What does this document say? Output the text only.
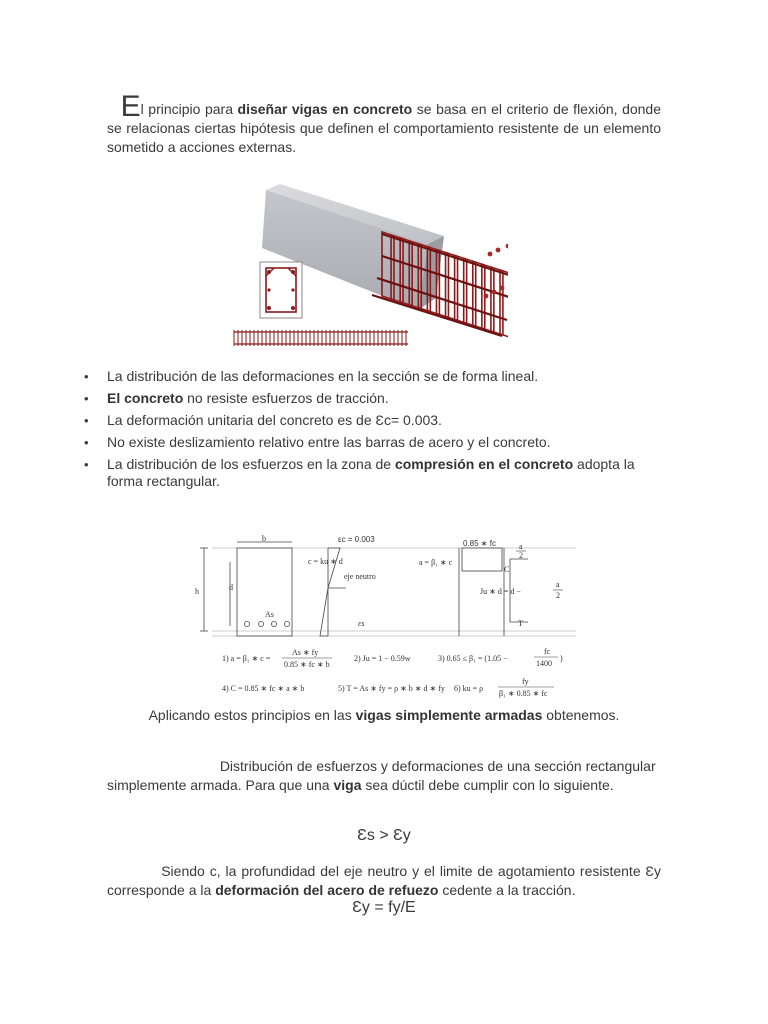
El principio para diseñar vigas en concreto se basa en el criterio de flexión, donde se relacionas ciertas hipótesis que definen el comportamiento resistente de un elemento sometido a acciones externas.
• La distribución de las deformaciones en la sección se de forma lineal.
• El concreto no resiste esfuerzos de tracción.
• La deformación unitaria del concreto es de Ɛc= 0.003.
• No existe deslizamiento relativo entre las barras de acero y el concreto.
• La distribución de los esfuerzos en la zona de compresión en el concreto adopta la forma rectangular.
b
h	d
As
εc = 0.003
c = ku ∗ d
eje neutro
εs
0.85 ∗ fc
a = β₁ ∗ c
a
2
C
Ju ∗ d = d −
a
2
T
1) a = β₁ ∗ c =
As ∗ fy
0.85 ∗ fc ∗ b
2) Ju = 1 − 0.59w	3) 0.65 ≤ β₁ = (1.05 −
fc
1400
)
4) C = 0.85 ∗ fc ∗ a ∗ b	5) T = As ∗ fy = ρ ∗ b ∗ d ∗ fy 6) ku = ρ
fy
β₁ ∗ 0.85 ∗ fc
Aplicando estos principios en las vigas simplemente armadas obtenemos.
Distribución de esfuerzos y deformaciones de una sección rectangular simplemente armada. Para que una viga sea dúctil debe cumplir con lo siguiente.
Ɛs > Ɛy
Siendo c, la profundidad del eje neutro y el limite de agotamiento resistente Ɛy corresponde a la deformación del acero de refuezo cedente a la tracción.
Ɛy = fy/E
